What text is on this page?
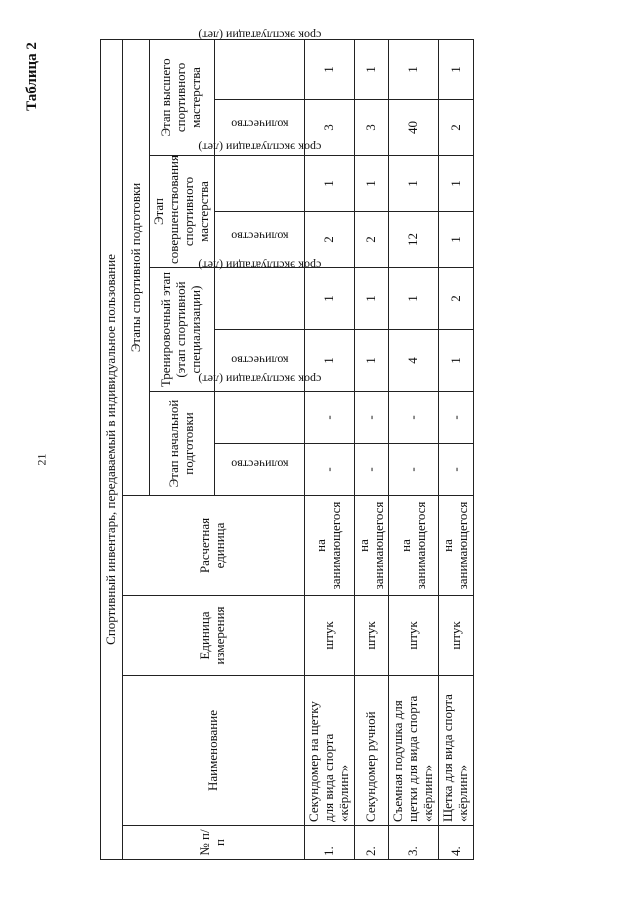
21
Таблица 2
Спортивный инвентарь, передаваемый в индивидуальное пользование											
№ п/п	Наименование	Единица измерения	Расчетная единица	Этапы спортивной подготовки							
				Этап начальной подготовки		Тренировочный этап (этап спортивной специализации)		Этап совершенствования спортивного мастерства		Этап высшего спортивного мастерства	
				количество	срок эксплуатации (лет)	количество	срок эксплуатации (лет)	количество	срок эксплуатации (лет)	количество	срок эксплуатации (лет)
1.	Секундомер на щетку для вида спорта «кёрлинг»	штук	на занимающегося	-	-	1	1	2	1	3	1
2.	Секундомер ручной	штук	на занимающегося	-	-	1	1	2	1	3	1
3.	Съемная подушка для щетки для вида спорта «кёрлинг»	штук	на занимающегося	-	-	4	1	12	1	40	1
4.	Щетка для вида спорта «кёрлинг»	штук	на занимающегося	-	-	1	2	1	1	2	1
